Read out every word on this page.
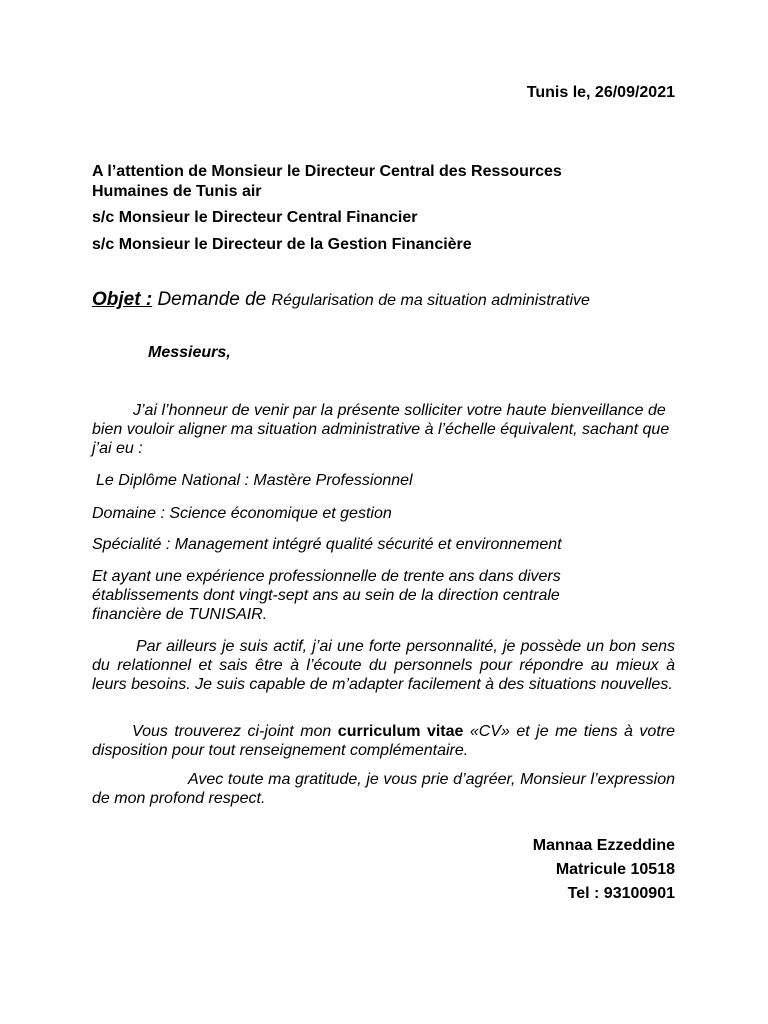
Tunis le, 26/09/2021
A l’attention de Monsieur le Directeur Central des Ressources
Humaines de Tunis air
s/c Monsieur le Directeur Central Financier
s/c Monsieur le Directeur de la Gestion Financière
Objet : Demande de Régularisation de ma situation administrative
Messieurs,
J’ai l’honneur de venir par la présente solliciter votre haute bienveillance de bien vouloir aligner ma situation administrative à l’échelle équivalent, sachant que j’ai eu :
Le Diplôme National : Mastère Professionnel
Domaine : Science économique et gestion
Spécialité : Management intégré qualité sécurité et environnement
Et ayant une expérience professionnelle de trente ans dans divers établissements dont vingt-sept ans au sein de la direction centrale financière de TUNISAIR.
Par ailleurs je suis actif, j’ai une forte personnalité, je possède un bon sens du relationnel et sais être à l’écoute du personnels pour répondre au mieux à leurs besoins. Je suis capable de m’adapter facilement à des situations nouvelles.
Vous trouverez ci-joint mon curriculum vitae «CV» et je me tiens à votre disposition pour tout renseignement complémentaire.
Avec toute ma gratitude, je vous prie d’agréer, Monsieur l’expression de mon profond respect.
Mannaa Ezzeddine
Matricule 10518
Tel : 93100901
